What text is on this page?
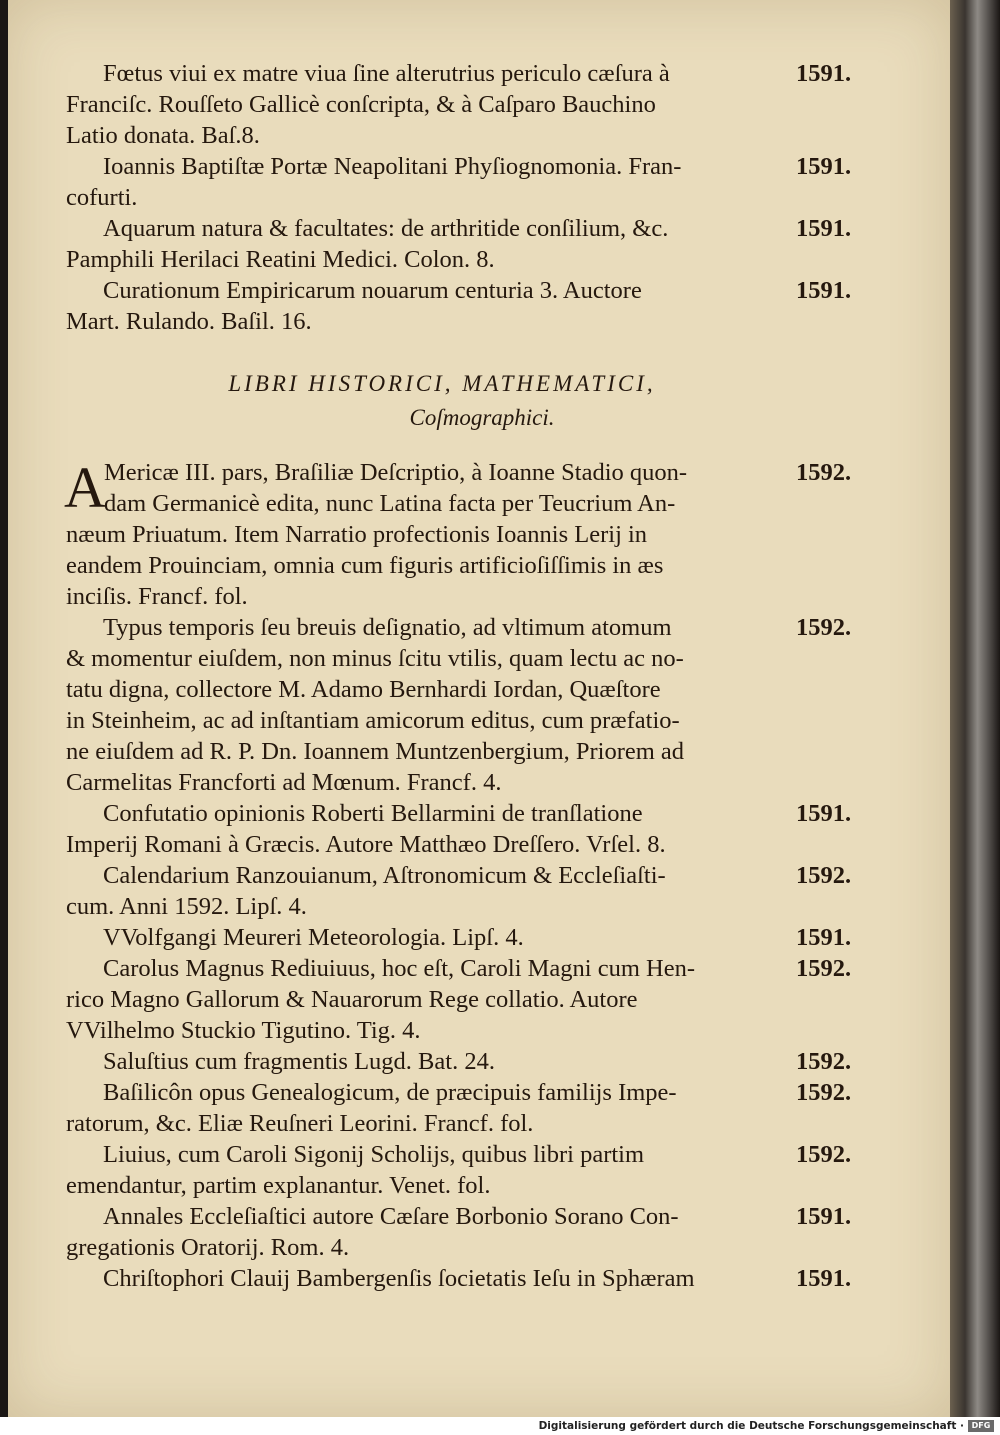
Fœtus viui ex matre viua ſine alterutrius periculo cæſura à	1591.
Franciſc. Rouſſeto Gallicè conſcripta, & à Caſparo Bauchino
Latio donata. Baſ.8.
Ioannis Baptiſtæ Portæ Neapolitani Phyſiognomonia. Fran-	1591.
cofurti.
Aquarum natura & facultates: de arthritide conſilium, &c.	1591.
Pamphili Herilaci Reatini Medici. Colon. 8.
Curationum Empiricarum nouarum centuria 3. Auctore	1591.
Mart. Rulando. Baſil. 16.
LIBRI HISTORICI, MATHEMATICI,
Coſmographici.
A
Mericæ III. pars, Braſiliæ Deſcriptio, à Ioanne Stadio quon-	1592.
dam Germanicè edita, nunc Latina facta per Teucrium An-
næum Priuatum. Item Narratio profectionis Ioannis Lerij in
eandem Prouinciam, omnia cum figuris artificioſiſſimis in æs
inciſis. Francf. fol.
Typus temporis ſeu breuis deſignatio, ad vltimum atomum	1592.
& momentur eiuſdem, non minus ſcitu vtilis, quam lectu ac no-
tatu digna, collectore M. Adamo Bernhardi Iordan, Quæſtore
in Steinheim, ac ad inſtantiam amicorum editus, cum præfatio-
ne eiuſdem ad R. P. Dn. Ioannem Muntzenbergium, Priorem ad
Carmelitas Francforti ad Mœnum. Francf. 4.
Confutatio opinionis Roberti Bellarmini de tranſlatione	1591.
Imperij Romani à Græcis. Autore Matthæo Dreſſero. Vrſel. 8.
Calendarium Ranzouianum, Aſtronomicum & Eccleſiaſti-	1592.
cum. Anni 1592. Lipſ. 4.
VVolfgangi Meureri Meteorologia. Lipſ. 4.	1591.
Carolus Magnus Rediuiuus, hoc eſt, Caroli Magni cum Hen-	1592.
rico Magno Gallorum & Nauarorum Rege collatio. Autore
VVilhelmo Stuckio Tigutino. Tig. 4.
Saluſtius cum fragmentis Lugd. Bat. 24.	1592.
Baſilicôn opus Genealogicum, de præcipuis familijs Impe-	1592.
ratorum, &c. Eliæ Reuſneri Leorini. Francf. fol.
Liuius, cum Caroli Sigonij Scholijs, quibus libri partim	1592.
emendantur, partim explanantur. Venet. fol.
Annales Eccleſiaſtici autore Cæſare Borbonio Sorano Con-	1591.
gregationis Oratorij. Rom. 4.
Chriſtophori Clauij Bambergenſis ſocietatis Ieſu in Sphæram	1591.
Digitalisierung gefördert durch die Deutsche Forschungsgemeinschaft · DFG
